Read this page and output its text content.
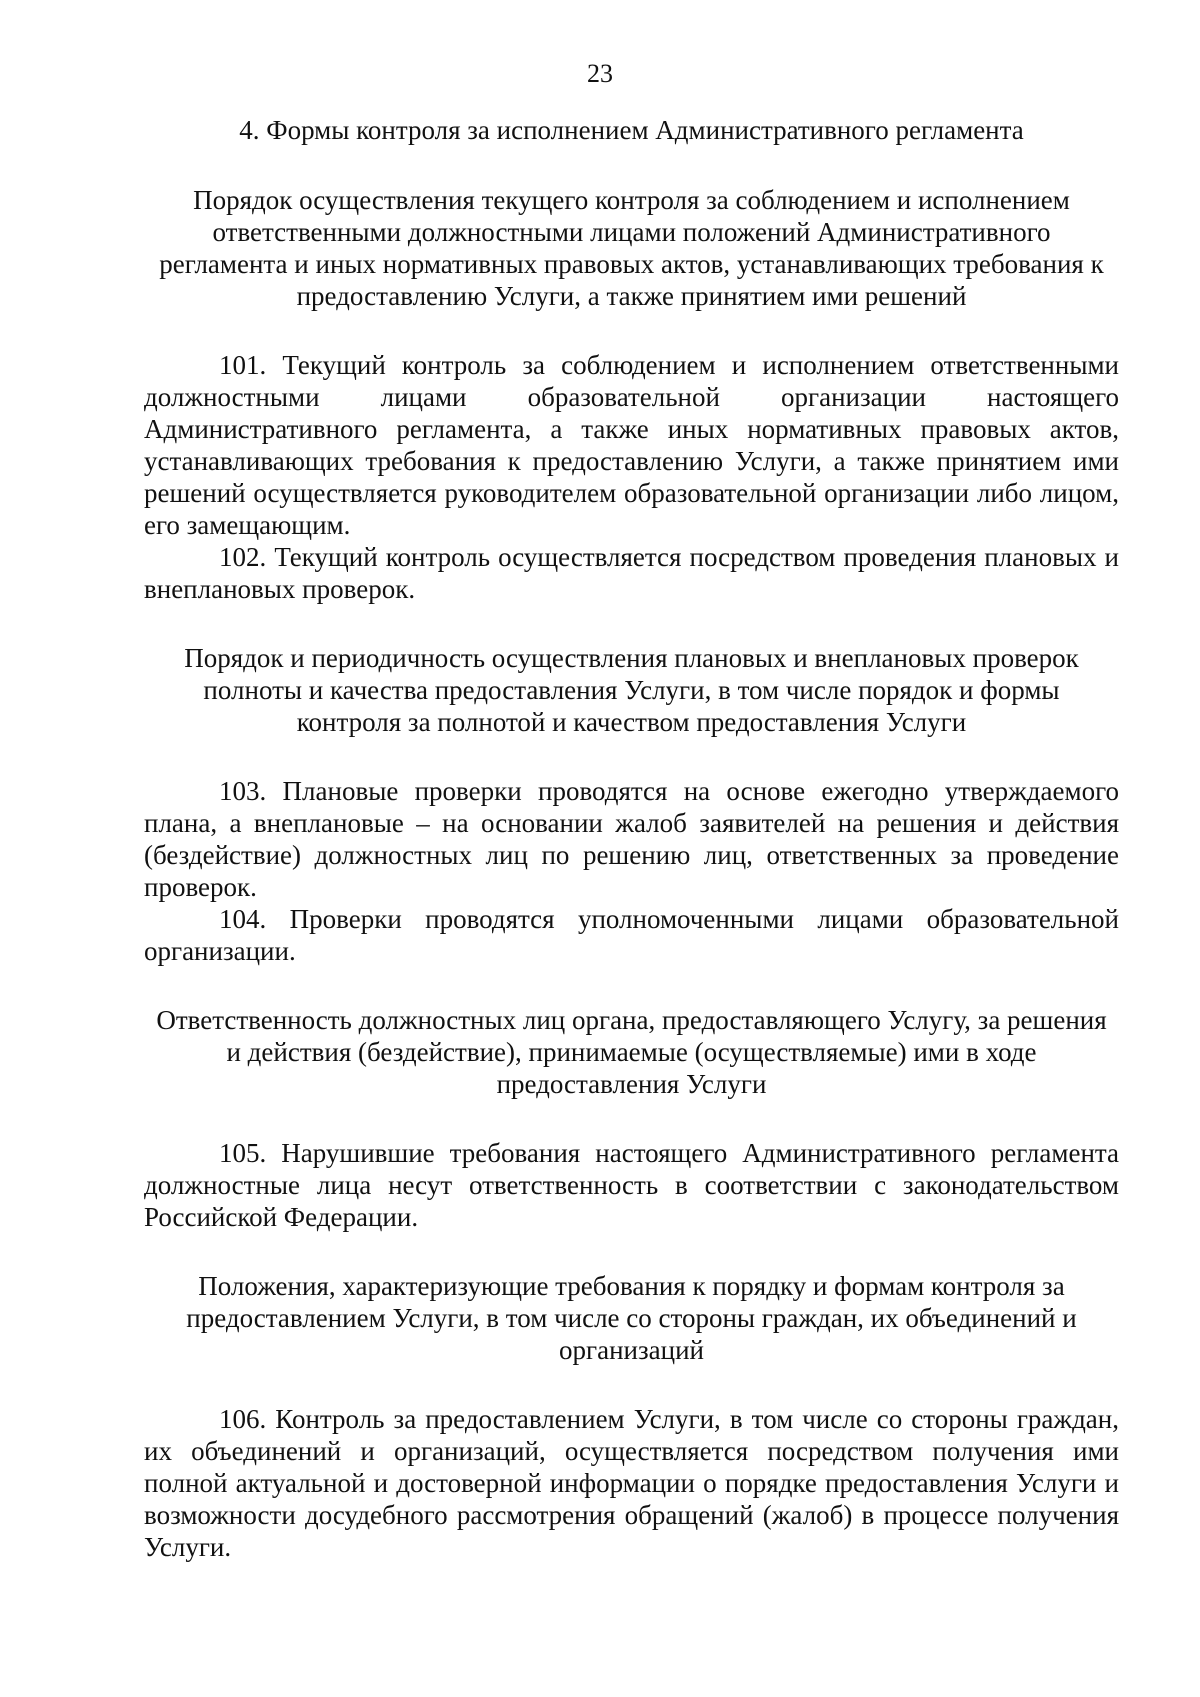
23
4. Формы контроля за исполнением Административного регламента
Порядок осуществления текущего контроля за соблюдением и исполнением ответственными должностными лицами положений Административного регламента и иных нормативных правовых актов, устанавливающих требования к предоставлению Услуги, а также принятием ими решений

101. Текущий контроль за соблюдением и исполнением ответственными должностными лицами образовательной организации настоящего Административного регламента, а также иных нормативных правовых актов, устанавливающих требования к предоставлению Услуги, а также принятием ими решений осуществляется руководителем образовательной организации либо лицом, его замещающим.

102. Текущий контроль осуществляется посредством проведения плановых и внеплановых проверок.

Порядок и периодичность осуществления плановых и внеплановых проверок полноты и качества предоставления Услуги, в том числе порядок и формы контроля за полнотой и качеством предоставления Услуги

103. Плановые проверки проводятся на основе ежегодно утверждаемого плана, а внеплановые – на основании жалоб заявителей на решения и действия (бездействие) должностных лиц по решению лиц, ответственных за проведение проверок.

104. Проверки проводятся уполномоченными лицами образовательной организации.

Ответственность должностных лиц органа, предоставляющего Услугу, за решения и действия (бездействие), принимаемые (осуществляемые) ими в ходе предоставления Услуги

105. Нарушившие требования настоящего Административного регламента должностные лица несут ответственность в соответствии с законодательством Российской Федерации.

Положения, характеризующие требования к порядку и формам контроля за предоставлением Услуги, в том числе со стороны граждан, их объединений и организаций

106. Контроль за предоставлением Услуги, в том числе со стороны граждан, их объединений и организаций, осуществляется посредством получения ими полной актуальной и достоверной информации о порядке предоставления Услуги и возможности досудебного рассмотрения обращений (жалоб) в процессе получения Услуги.
